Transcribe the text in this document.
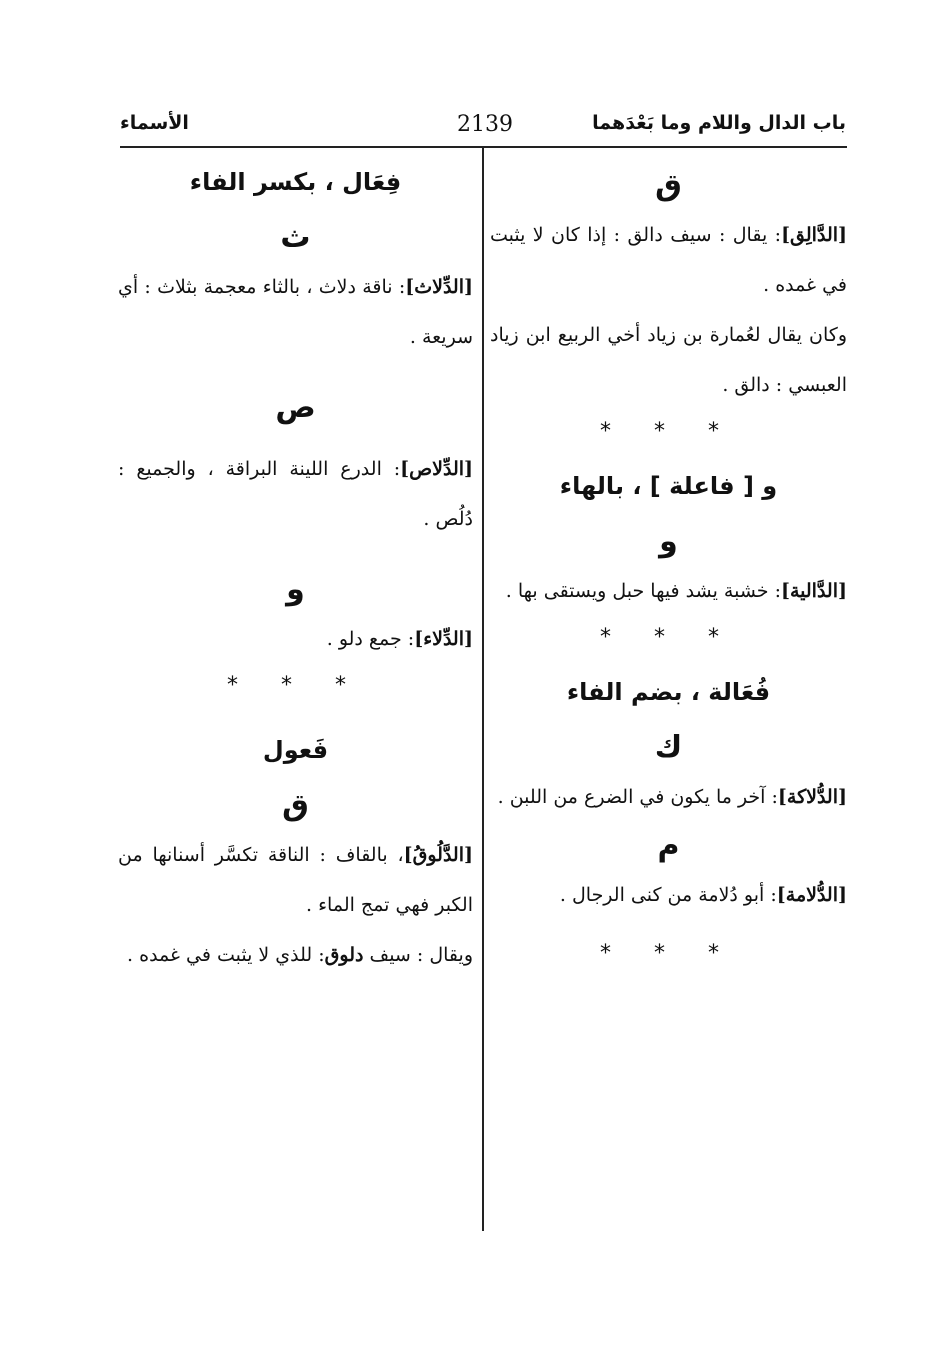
باب الدال واللام وما بَعْدَهما
2139
الأسماء
ق

[الدَّالِق]: يقال : سيف دالق : إذا كان لا يثبت في غمده .

وكان يقال لعُمارة بن زياد أخي الربيع ابن زياد العبسي : دالق .

* * *
و [ فاعلة ] ، بالهاء
و

[الدَّالية]: خشبة يشد فيها حبل ويستقى بها .

* * *
فُعَالة ، بضم الفاء
ك

[الدُّلاكة]: آخر ما يكون في الضرع من اللبن .

م

[الدُّلامة]: أبو دُلامة من كنى الرجال .

* * *
فِعَال ، بكسر الفاء
ث

[الدِّلاث]: ناقة دلاث ، بالثاء معجمة بثلاث : أي سريعة .

ص

[الدِّلاص]: الدرع اللينة البراقة ، والجميع : دُلُص .

و

[الدِّلاء]: جمع دلو .

* * *
فَعول
ق

[الدَّلُوقُ]، بالقاف : الناقة تكسَّر أسنانها من الكبر فهي تمج الماء .

ويقال : سيف دلوق: للذي لا يثبت في غمده .
